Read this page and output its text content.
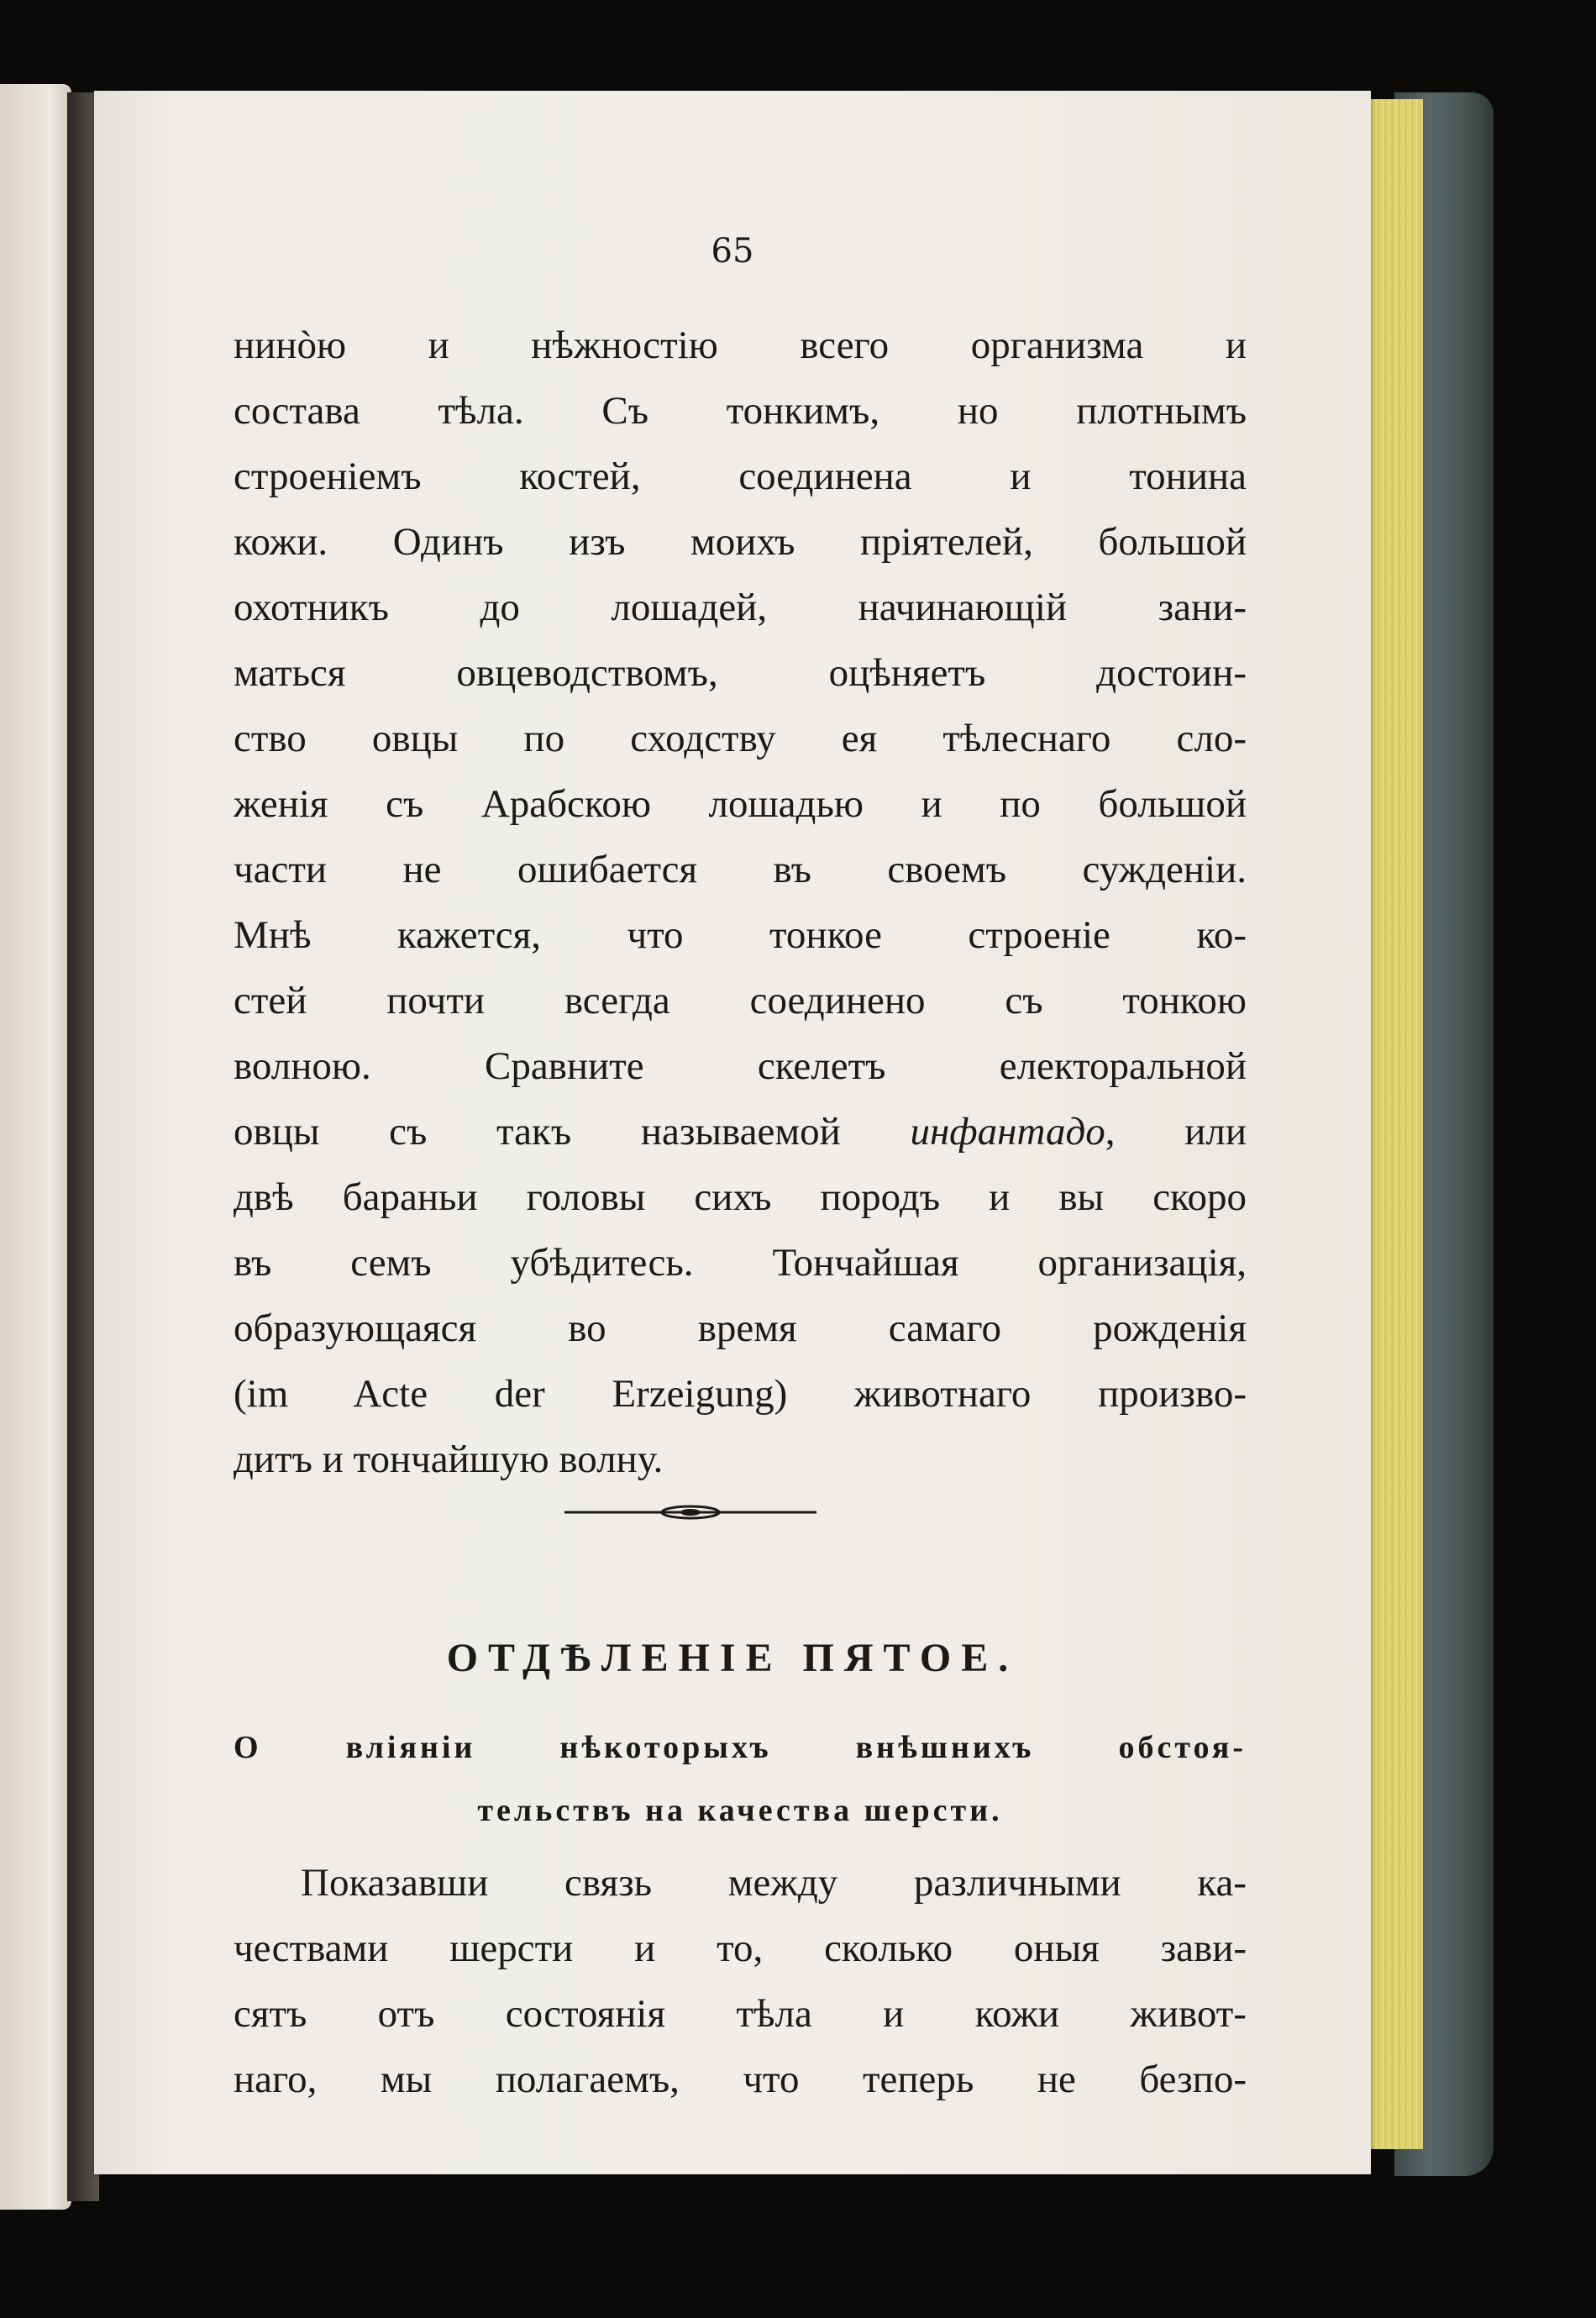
65
нинòю и нѣжностію всего организма и
состава тѣла. Съ тонкимъ, но плотнымъ
строеніемъ костей, соединена и тонина
кожи. Одинъ изъ моихъ пріятелей, большой
охотникъ до лошадей, начинающій зани-
маться овцеводствомъ, оцѣняетъ достоин-
ство овцы по сходству ея тѣлеснаго сло-
женія съ Арабскою лошадью и по большой
части не ошибается въ своемъ сужденіи.
Мнѣ кажется, что тонкое строеніе ко-
стей почти всегда соединено съ тонкою
волною. Сравните скелетъ електоральной
овцы съ такъ называемой инфантадо, или
двѣ бараньи головы сихъ породъ и вы скоро
въ семъ убѣдитесь. Тончайшая организація,
образующаяся во время самаго рожденія
(im Acte der Erzeigung) животнаго произво-
дитъ и тончайшую волну.
ОТДѢЛЕНІЕ ПЯТОЕ.
О влiянiи нѣкоторыхъ внѣшнихъ обстоя-
тельствъ на качества шерсти.
Показавши связь между различными ка-
чествами шерсти и то, сколько оныя зави-
сятъ отъ состоянія тѣла и кожи живот-
наго, мы полагаемъ, что теперь не безпо-
